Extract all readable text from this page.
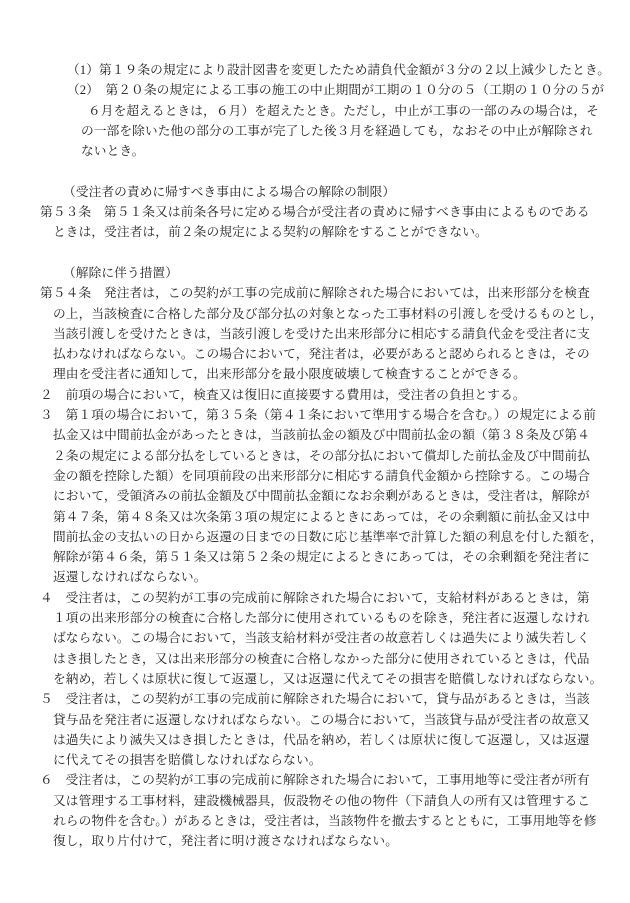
（1）第１９条の規定により設計図書を変更したため請負代金額が３分の２以上減少したとき。
（2）　第２０条の規定による工事の施工の中止期間が工期の１０分の５（工期の１０分の５が
６月を超えるときは，６月）を超えたとき。ただし，中止が工事の一部のみの場合は，そ
の一部を除いた他の部分の工事が完了した後３月を経過しても，なおその中止が解除され
ないとき。

（受注者の責めに帰すべき事由による場合の解除の制限）
第５３条　第５１条又は前条各号に定める場合が受注者の責めに帰すべき事由によるものである
ときは，受注者は，前２条の規定による契約の解除をすることができない。

（解除に伴う措置）
第５４条　発注者は，この契約が工事の完成前に解除された場合においては，出来形部分を検査
の上，当該検査に合格した部分及び部分払の対象となった工事材料の引渡しを受けるものとし，
当該引渡しを受けたときは，当該引渡しを受けた出来形部分に相応する請負代金を受注者に支
払わなければならない。この場合において，発注者は，必要があると認められるときは，その
理由を受注者に通知して，出来形部分を最小限度破壊して検査することができる。
２　前項の場合において，検査又は復旧に直接要する費用は，受注者の負担とする。
３　第１項の場合において，第３５条（第４１条において準用する場合を含む。）の規定による前
払金又は中間前払金があったときは，当該前払金の額及び中間前払金の額（第３８条及び第４
２条の規定による部分払をしているときは，その部分払において償却した前払金及び中間前払
金の額を控除した額）を同項前段の出来形部分に相応する請負代金額から控除する。この場合
において，受領済みの前払金額及び中間前払金額になお余剰があるときは，受注者は，解除が
第４７条，第４８条又は次条第３項の規定によるときにあっては，その余剰額に前払金又は中
間前払金の支払いの日から返還の日までの日数に応じ基準率で計算した額の利息を付した額を，
解除が第４６条，第５１条又は第５２条の規定によるときにあっては，その余剰額を発注者に
返還しなければならない。
４　受注者は，この契約が工事の完成前に解除された場合において，支給材料があるときは，第
１項の出来形部分の検査に合格した部分に使用されているものを除き，発注者に返還しなけれ
ばならない。この場合において，当該支給材料が受注者の故意若しくは過失により滅失若しく
はき損したとき，又は出来形部分の検査に合格しなかった部分に使用されているときは，代品
を納め，若しくは原状に復して返還し，又は返還に代えてその損害を賠償しなければならない。
５　受注者は，この契約が工事の完成前に解除された場合において，貸与品があるときは，当該
貸与品を発注者に返還しなければならない。この場合において，当該貸与品が受注者の故意又
は過失により滅失又はき損したときは，代品を納め，若しくは原状に復して返還し，又は返還
に代えてその損害を賠償しなければならない。
６　受注者は，この契約が工事の完成前に解除された場合において，工事用地等に受注者が所有
又は管理する工事材料，建設機械器具，仮設物その他の物件（下請負人の所有又は管理するこ
れらの物件を含む。）があるときは，受注者は，当該物件を撤去するとともに，工事用地等を修
復し，取り片付けて，発注者に明け渡さなければならない。
